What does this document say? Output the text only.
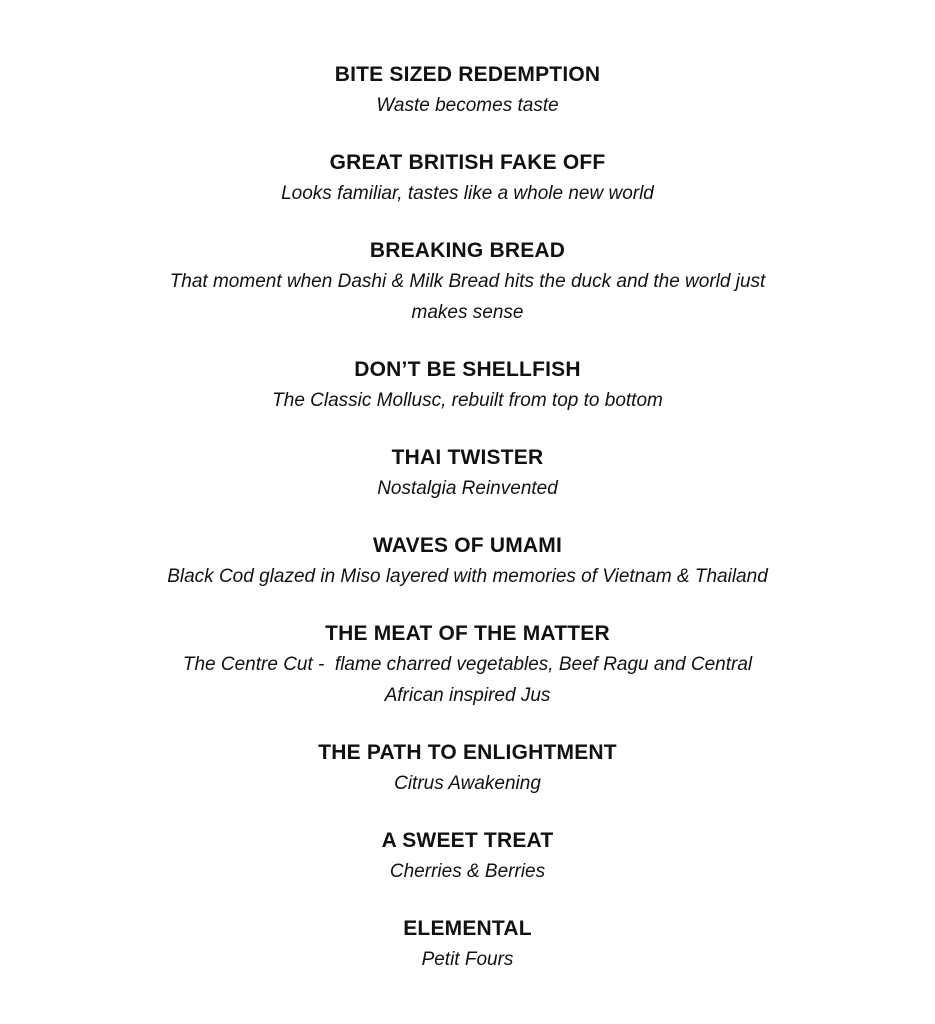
BITE SIZED REDEMPTION

Waste becomes taste

GREAT BRITISH FAKE OFF

Looks familiar, tastes like a whole new world

BREAKING BREAD

That moment when Dashi & Milk Bread hits the duck and the world just

makes sense

DON’T BE SHELLFISH

The Classic Mollusc, rebuilt from top to bottom

THAI TWISTER

Nostalgia Reinvented

WAVES OF UMAMI

Black Cod glazed in Miso layered with memories of Vietnam & Thailand

THE MEAT OF THE MATTER

The Centre Cut -  flame charred vegetables, Beef Ragu and Central

African inspired Jus

THE PATH TO ENLIGHTMENT

Citrus Awakening

A SWEET TREAT

Cherries & Berries

ELEMENTAL

Petit Fours
